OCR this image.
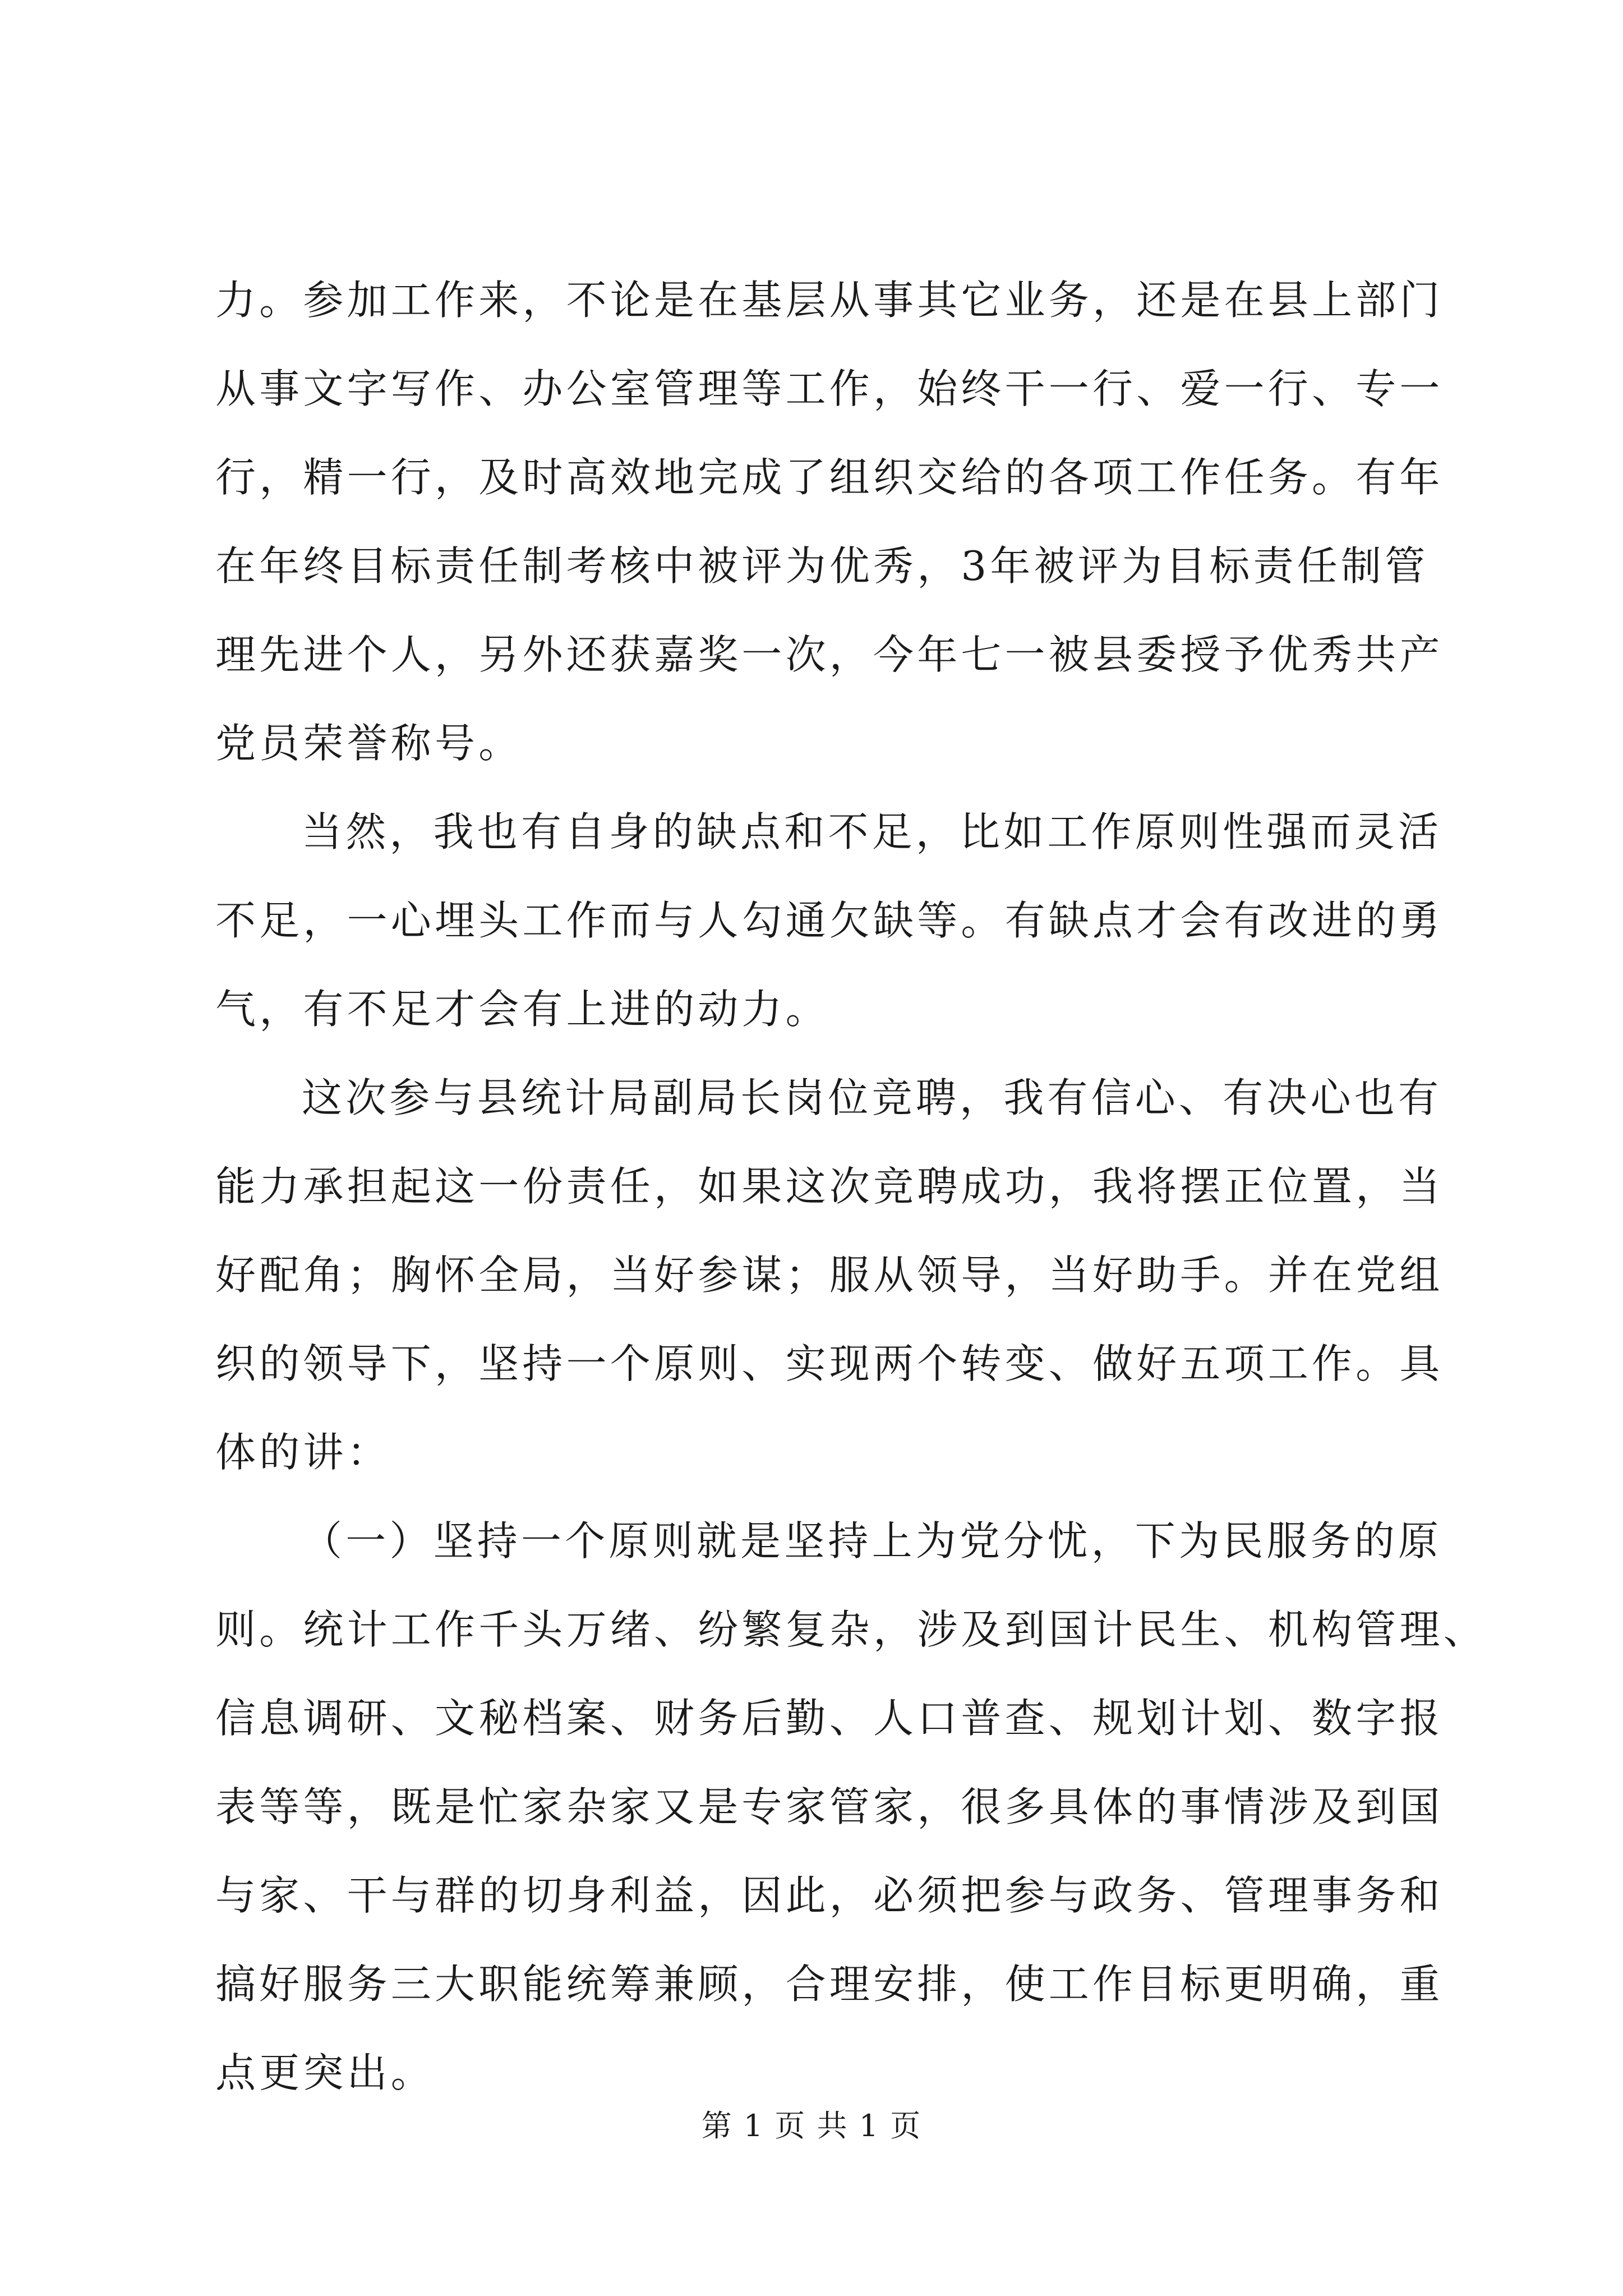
力。参加工作来，不论是在基层从事其它业务，还是在县上部门
从事文字写作、办公室管理等工作，始终干一行、爱一行、专一
行，精一行，及时高效地完成了组织交给的各项工作任务。有年
在年终目标责任制考核中被评为优秀，3年被评为目标责任制管
理先进个人，另外还获嘉奖一次，今年七一被县委授予优秀共产
党员荣誉称号。
当然，我也有自身的缺点和不足，比如工作原则性强而灵活
不足，一心埋头工作而与人勾通欠缺等。有缺点才会有改进的勇
气，有不足才会有上进的动力。
这次参与县统计局副局长岗位竞聘，我有信心、有决心也有
能力承担起这一份责任，如果这次竞聘成功，我将摆正位置，当
好配角；胸怀全局，当好参谋；服从领导，当好助手。并在党组
织的领导下，坚持一个原则、实现两个转变、做好五项工作。具
体的讲：
（一）坚持一个原则就是坚持上为党分忧，下为民服务的原
则。统计工作千头万绪、纷繁复杂，涉及到国计民生、机构管理、
信息调研、文秘档案、财务后勤、人口普查、规划计划、数字报
表等等，既是忙家杂家又是专家管家，很多具体的事情涉及到国
与家、干与群的切身利益，因此，必须把参与政务、管理事务和
搞好服务三大职能统筹兼顾，合理安排，使工作目标更明确，重
点更突出。
第 1 页 共 1 页
